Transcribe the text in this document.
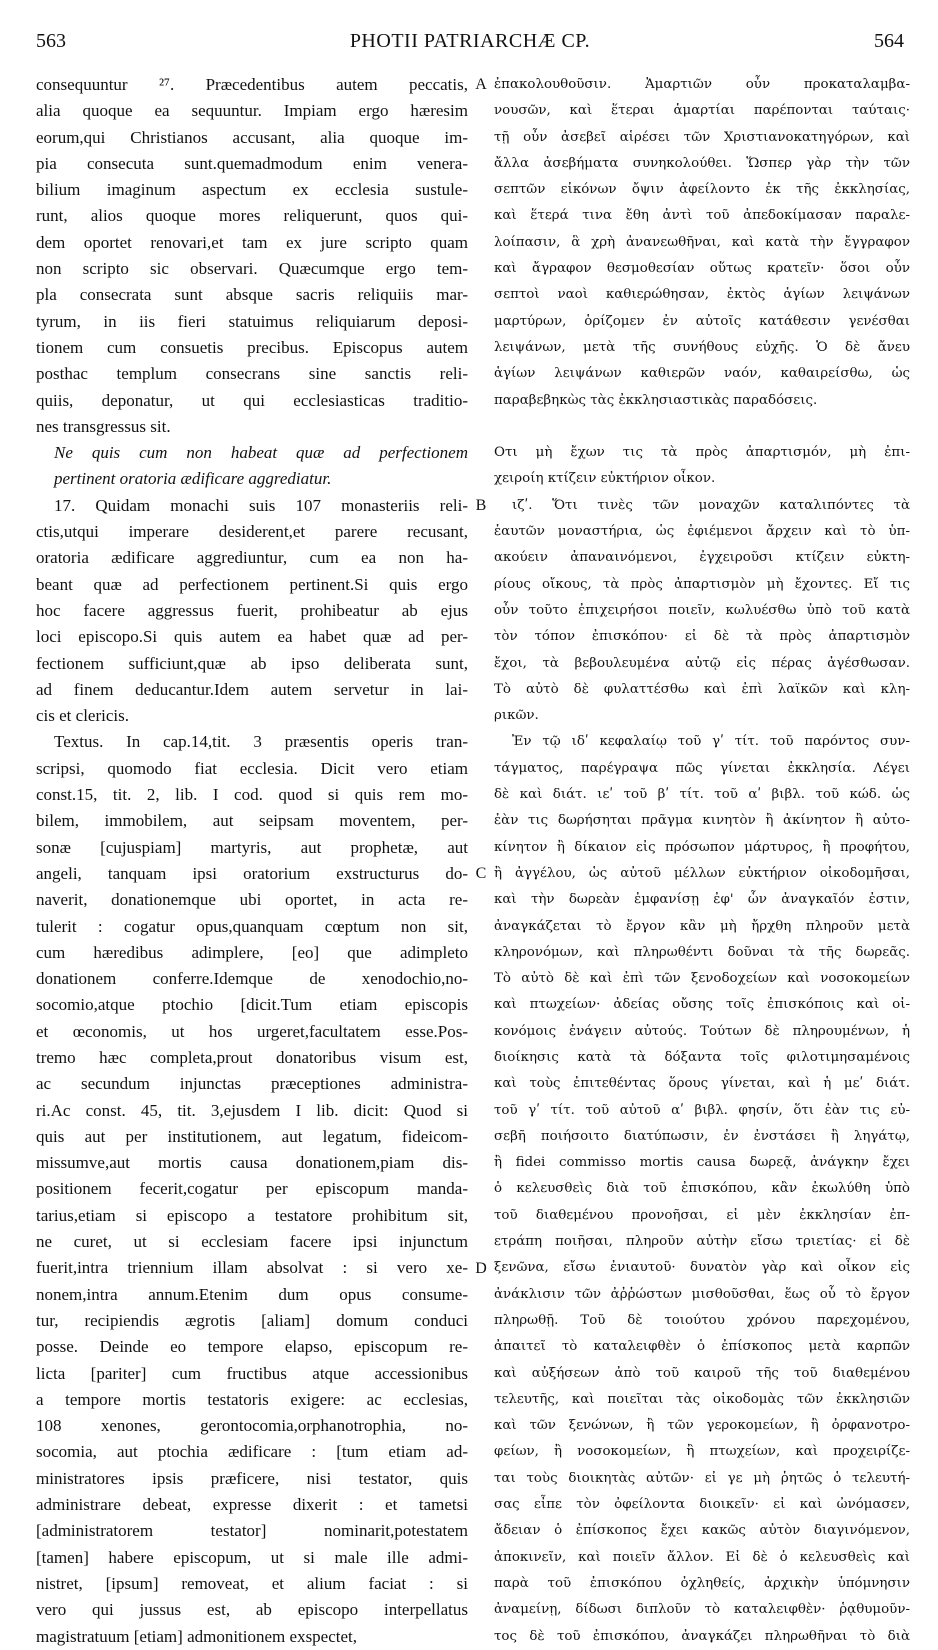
563	PHOTII PATRIARCHÆ CP.	564
consequuntur ²⁷. Præcedentibus autem peccatis,
alia quoque ea sequuntur. Impiam ergo hæresim
eorum,qui Christianos accusant, alia quoque im-
pia consecuta sunt.quemadmodum enim venera-
bilium imaginum aspectum ex ecclesia sustule-
runt, alios quoque mores reliquerunt, quos qui-
dem oportet renovari,et tam ex jure scripto quam
non scripto sic observari. Quæcumque ergo tem-
pla consecrata sunt absque sacris reliquiis mar-
tyrum, in iis fieri statuimus reliquiarum deposi-
tionem cum consuetis precibus. Episcopus autem
posthac templum consecrans sine sanctis reli-
quiis, deponatur, ut qui ecclesiasticas traditio-
nes transgressus sit.
Ne quis cum non habeat quæ ad perfectionem
pertinent oratoria ædificare aggrediatur.
17. Quidam monachi suis 107 monasteriis reli-
ctis,utqui imperare desiderent,et parere recusant,
oratoria ædificare aggrediuntur, cum ea non ha-
beant quæ ad perfectionem pertinent.Si quis ergo
hoc facere aggressus fuerit, prohibeatur ab ejus
loci episcopo.Si quis autem ea habet quæ ad per-
fectionem sufficiunt,quæ ab ipso deliberata sunt,
ad finem deducantur.Idem autem servetur in lai-
cis et clericis.
Textus. In cap.14,tit. 3 præsentis operis tran-
scripsi, quomodo fiat ecclesia. Dicit vero etiam
const.15, tit. 2, lib. I cod. quod si quis rem mo-
bilem, immobilem, aut seipsam moventem, per-
sonæ [cujuspiam] martyris, aut prophetæ, aut
angeli, tanquam ipsi oratorium exstructurus do-
naverit, donationemque ubi oportet, in acta re-
tulerit : cogatur opus,quanquam cœptum non sit,
cum hæredibus adimplere, [eo] que adimpleto
donationem conferre.Idemque de xenodochio,no-
socomio,atque ptochio [dicit.Tum etiam episcopis
et œconomis, ut hos urgeret,facultatem esse.Pos-
tremo hæc completa,prout donatoribus visum est,
ac secundum injunctas præceptiones administra-
ri.Ac const. 45, tit. 3,ejusdem I lib. dicit: Quod si
quis aut per institutionem, aut legatum, fideicom-
missumve,aut mortis causa donationem,piam dis-
positionem fecerit,cogatur per episcopum manda-
tarius,etiam si episcopo a testatore prohibitum sit,
ne curet, ut si ecclesiam facere ipsi injunctum
fuerit,intra triennium illam absolvat : si vero xe-
nonem,intra annum.Etenim dum opus consume-
tur, recipiendis ægrotis [aliam] domum conduci
posse. Deinde eo tempore elapso, episcopum re-
licta [pariter] cum fructibus atque accessionibus
a tempore mortis testatoris exigere: ac ecclesias,
108 xenones, gerontocomia,orphanotrophia, no-
socomia, aut ptochia ædificare : [tum etiam ad-
ministratores ipsis præficere, nisi testator, quis
administrare debeat, expresse dixerit : et tametsi
[administratorem testator] nominarit,potestatem
[tamen] habere episcopum, ut si male ille admi-
nistret, [ipsum] removeat, et alium faciat : si
vero qui jussus est, ab episcopo interpellatus
magistratuum [etiam] admonitionem exspectet,
A
B
C
D
ἐπακολουθοῦσιν. Ἁμαρτιῶν οὖν προκαταλαμβα-
νουσῶν, καὶ ἕτεραι ἁμαρτίαι παρέπονται ταύταις·
τῇ οὖν ἀσεβεῖ αἱρέσει τῶν Χριστιανοκατηγόρων, καὶ
ἄλλα ἀσεβήματα συνηκολούθει. Ὥσπερ γὰρ τὴν τῶν
σεπτῶν εἰκόνων ὄψιν ἀφείλοντο ἐκ τῆς ἐκκλησίας,
καὶ ἕτερά τινα ἔθη ἀντὶ τοῦ ἀπεδοκίμασαν παραλε-
λοίπασιν, ἃ χρὴ ἀνανεωθῆναι, καὶ κατὰ τὴν ἔγγραφον
καὶ ἄγραφον θεσμοθεσίαν οὕτως κρατεῖν· ὅσοι οὖν
σεπτοὶ ναοὶ καθιερώθησαν, ἐκτὸς ἁγίων λειψάνων
μαρτύρων, ὁρίζομεν ἐν αὐτοῖς κατάθεσιν γενέσθαι
λειψάνων, μετὰ τῆς συνήθους εὐχῆς. Ὁ δὲ ἄνευ
ἁγίων λειψάνων καθιερῶν ναόν, καθαιρείσθω, ὡς
παραβεβηκὼς τὰς ἐκκλησιαστικὰς παραδόσεις.

Οτι μὴ ἔχων τις τὰ πρὸς ἀπαρτισμόν, μὴ ἐπι-
χειροίη κτίζειν εὐκτήριον οἶκον.
ιζʹ. Ὅτι τινὲς τῶν μοναχῶν καταλιπόντες τὰ
ἑαυτῶν μοναστήρια, ὡς ἐφιέμενοι ἄρχειν καὶ τὸ ὑπ-
ακούειν ἀπαναινόμενοι, ἐγχειροῦσι κτίζειν εὐκτη-
ρίους οἴκους, τὰ πρὸς ἀπαρτισμὸν μὴ ἔχοντες. Εἴ τις
οὖν τοῦτο ἐπιχειρήσοι ποιεῖν, κωλυέσθω ὑπὸ τοῦ κατὰ
τὸν τόπον ἐπισκόπου· εἰ δὲ τὰ πρὸς ἀπαρτισμὸν
ἔχοι, τὰ βεβουλευμένα αὐτῷ εἰς πέρας ἀγέσθωσαν.
Τὸ αὐτὸ δὲ φυλαττέσθω καὶ ἐπὶ λαϊκῶν καὶ κλη-
ρικῶν.
Ἐν τῷ ιδʹ κεφαλαίῳ τοῦ γʹ τίτ. τοῦ παρόντος συν-
τάγματος, παρέγραψα πῶς γίνεται ἐκκλησία. Λέγει
δὲ καὶ διάτ. ιεʹ τοῦ βʹ τίτ. τοῦ αʹ βιβλ. τοῦ κώδ. ὡς
ἐὰν τις δωρήσηται πρᾶγμα κινητὸν ἢ ἀκίνητον ἢ αὐτο-
κίνητον ἢ δίκαιον εἰς πρόσωπον μάρτυρος, ἢ προφήτου,
ἢ ἀγγέλου, ὡς αὐτοῦ μέλλων εὐκτήριον οἰκοδομῆσαι,
καὶ τὴν δωρεὰν ἐμφανίσῃ ἐφ' ὧν ἀναγκαῖόν ἐστιν,
ἀναγκάζεται τὸ ἔργον κἂν μὴ ἤρχθη πληροῦν μετὰ
κληρονόμων, καὶ πληρωθέντι δοῦναι τὰ τῆς δωρεᾶς.
Τὸ αὐτὸ δὲ καὶ ἐπὶ τῶν ξενοδοχείων καὶ νοσοκομείων
καὶ πτωχείων· ἀδείας οὔσης τοῖς ἐπισκόποις καὶ οἰ-
κονόμοις ἐνάγειν αὐτούς. Τούτων δὲ πληρουμένων, ἡ
διοίκησις κατὰ τὰ δόξαντα τοῖς φιλοτιμησαμένοις
καὶ τοὺς ἐπιτεθέντας ὅρους γίνεται, καὶ ἡ μεʹ διάτ.
τοῦ γʹ τίτ. τοῦ αὐτοῦ αʹ βιβλ. φησίν, ὅτι ἐὰν τις εὐ-
σεβῆ ποιήσοιτο διατύπωσιν, ἐν ἐνστάσει ἢ ληγάτῳ,
ἢ fidei commisso mortis causa δωρεᾷ, ἀνάγκην ἔχει
ὁ κελευσθεὶς διὰ τοῦ ἐπισκόπου, κἂν ἐκωλύθη ὑπὸ
τοῦ διαθεμένου προνοῆσαι, εἰ μὲν ἐκκλησίαν ἐπ-
ετράπη ποιῆσαι, πληροῦν αὐτὴν εἴσω τριετίας· εἰ δὲ
ξενῶνα, εἴσω ἐνιαυτοῦ· δυνατὸν γὰρ καὶ οἶκον εἰς
ἀνάκλισιν τῶν ἀῤῥώστων μισθοῦσθαι, ἕως οὗ τὸ ἔργον
πληρωθῇ. Τοῦ δὲ τοιούτου χρόνου παρεχομένου,
ἀπαιτεῖ τὸ καταλειφθὲν ὁ ἐπίσκοπος μετὰ καρπῶν
καὶ αὐξήσεων ἀπὸ τοῦ καιροῦ τῆς τοῦ διαθεμένου
τελευτῆς, καὶ ποιεῖται τὰς οἰκοδομὰς τῶν ἐκκλησιῶν
καὶ τῶν ξενώνων, ἢ τῶν γεροκομείων, ἢ ὀρφανοτρο-
φείων, ἢ νοσοκομείων, ἢ πτωχείων, καὶ προχειρίζε-
ται τοὺς διοικητὰς αὐτῶν· εἰ γε μὴ ῥητῶς ὁ τελευτή-
σας εἶπε τὸν ὀφείλοντα διοικεῖν· εἰ καὶ ὠνόμασεν,
ἄδειαν ὁ ἐπίσκοπος ἔχει κακῶς αὐτὸν διαγινόμενον,
ἀποκινεῖν, καὶ ποιεῖν ἄλλον. Εἰ δὲ ὁ κελευσθεὶς καὶ
παρὰ τοῦ ἐπισκόπου ὀχληθείς, ἀρχικὴν ὑπόμνησιν
ἀναμείνῃ, δίδωσι διπλοῦν τὸ καταλειφθὲν· ῥᾳθυμοῦν-
τος δὲ τοῦ ἐπισκόπου, ἀναγκάζει πληρωθῆναι τὸ διὰ
